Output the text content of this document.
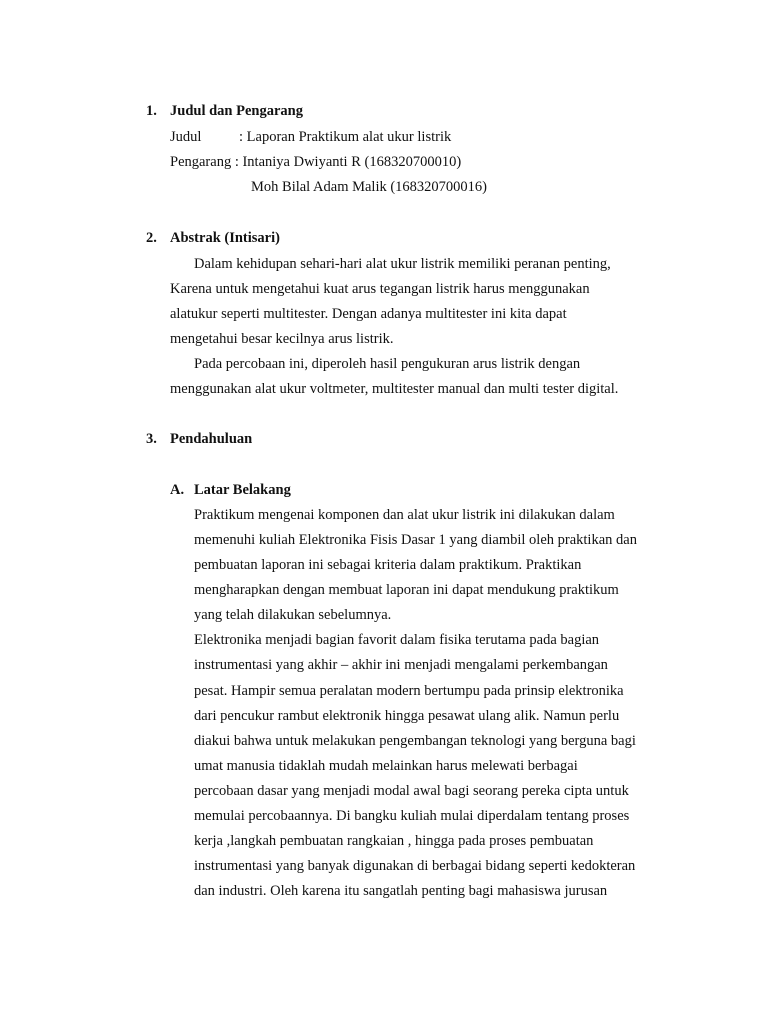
1. Judul dan Pengarang
Judul	: Laporan Praktikum alat ukur listrik
Pengarang : Intaniya Dwiyanti R (168320700010)
Moh Bilal Adam Malik (168320700016)
2. Abstrak (Intisari)
Dalam kehidupan sehari-hari alat ukur listrik memiliki peranan penting,
Karena untuk mengetahui kuat arus tegangan listrik harus menggunakan
alatukur seperti multitester. Dengan adanya multitester ini kita dapat
mengetahui besar kecilnya arus listrik.
Pada percobaan ini, diperoleh hasil pengukuran arus listrik dengan
menggunakan alat ukur voltmeter, multitester manual dan multi tester digital.
3. Pendahuluan
A. Latar Belakang
Praktikum mengenai komponen dan alat ukur listrik ini dilakukan dalam
memenuhi kuliah Elektronika Fisis Dasar 1 yang diambil oleh praktikan dan
pembuatan laporan ini sebagai kriteria dalam praktikum. Praktikan
mengharapkan dengan membuat laporan ini dapat mendukung praktikum
yang telah dilakukan sebelumnya.
Elektronika menjadi bagian favorit dalam fisika terutama pada bagian
instrumentasi yang akhir – akhir ini menjadi mengalami perkembangan
pesat. Hampir semua peralatan modern bertumpu pada prinsip elektronika
dari pencukur rambut elektronik hingga pesawat ulang alik. Namun perlu
diakui bahwa untuk melakukan pengembangan teknologi yang berguna bagi
umat manusia tidaklah mudah melainkan harus melewati berbagai
percobaan dasar yang menjadi modal awal bagi seorang pereka cipta untuk
memulai percobaannya. Di bangku kuliah mulai diperdalam tentang proses
kerja ,langkah pembuatan rangkaian , hingga pada proses pembuatan
instrumentasi yang banyak digunakan di berbagai bidang seperti kedokteran
dan industri. Oleh karena itu sangatlah penting bagi mahasiswa jurusan
